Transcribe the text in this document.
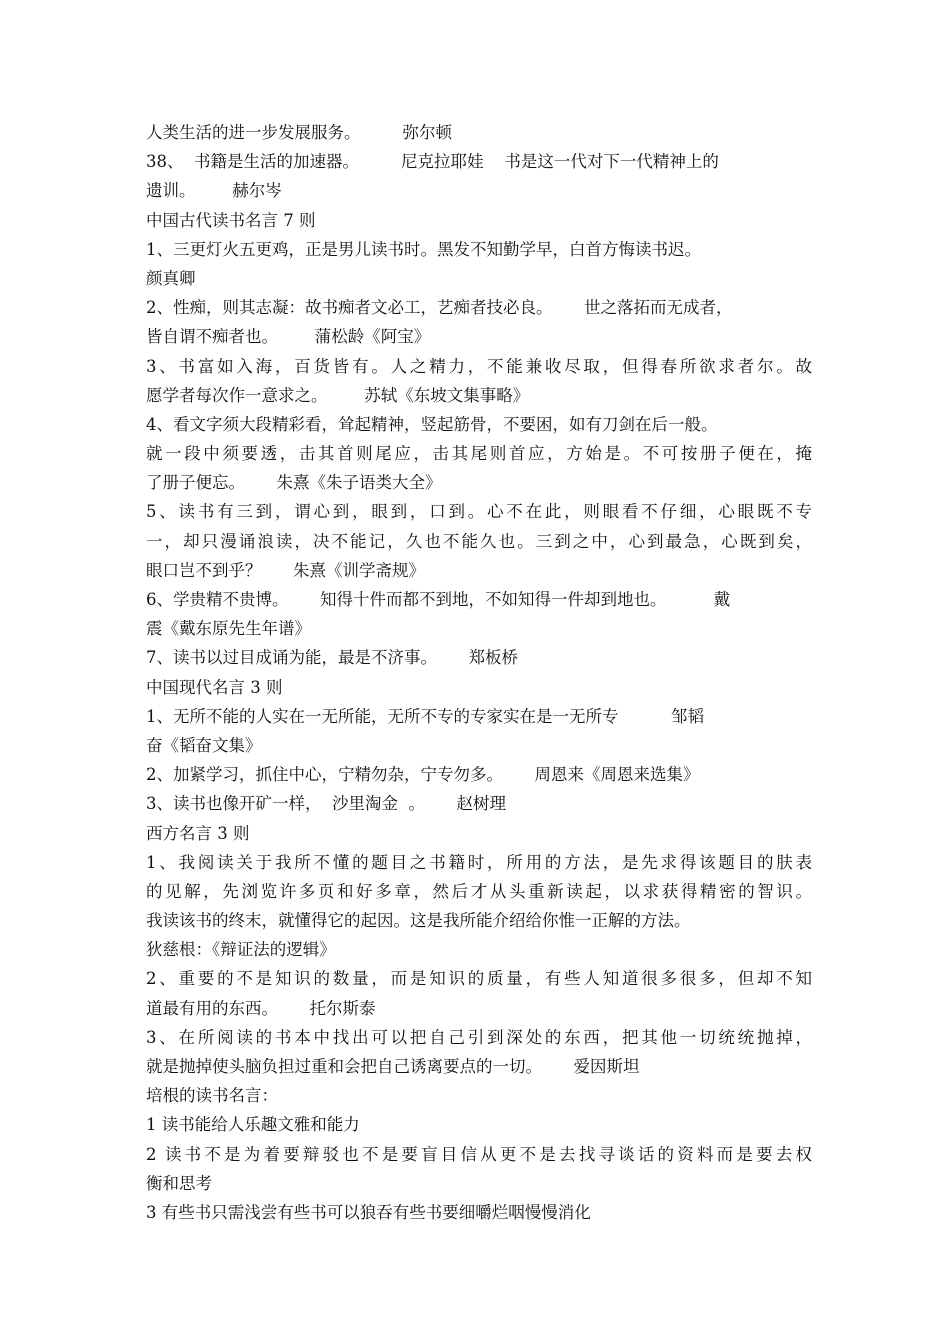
人类生活的进一步发展服务。        弥尔顿
38、  书籍是生活的加速器。        尼克拉耶娃    书是这一代对下一代精神上的
遗训。       赫尔岑
中国古代读书名言 7 则
1、三更灯火五更鸡，正是男儿读书时。黑发不知勤学早，白首方悔读书迟。
颜真卿
2、性痴，则其志凝：故书痴者文必工，艺痴者技必良。      世之落拓而无成者，
皆自谓不痴者也。       蒲松龄《阿宝》
3、书富如入海，百货皆有。人之精力，不能兼收尽取，但得春所欲求者尔。故
愿学者每次作一意求之。       苏轼《东坡文集事略》
4、看文字须大段精彩看，耸起精神，竖起筋骨，不要困，如有刀剑在后一般。
就一段中须要透，击其首则尾应，击其尾则首应，方始是。不可按册子便在，掩
了册子便忘。      朱熹《朱子语类大全》
5、读书有三到，谓心到，眼到，口到。心不在此，则眼看不仔细，心眼既不专
一，却只漫诵浪读，决不能记，久也不能久也。三到之中，心到最急，心既到矣，
眼口岂不到乎？      朱熹《训学斋规》
6、学贵精不贵博。      知得十件而都不到地，不如知得一件却到地也。         戴
震《戴东原先生年谱》
7、读书以过目成诵为能，最是不济事。      郑板桥
中国现代名言 3 则
1、无所不能的人实在一无所能，无所不专的专家实在是一无所专          邹韬
奋《韬奋文集》
2、加紧学习，抓住中心，宁精勿杂，宁专勿多。      周恩来《周恩来选集》
3、读书也像开矿一样，  沙里淘金  。      赵树理
西方名言 3 则
1、我阅读关于我所不懂的题目之书籍时，所用的方法，是先求得该题目的肤表
的见解，先浏览许多页和好多章，然后才从头重新读起，以求获得精密的智识。
我读该书的终末，就懂得它的起因。这是我所能介绍给你惟一正解的方法。
狄慈根：《辩证法的逻辑》
2、重要的不是知识的数量，而是知识的质量，有些人知道很多很多，但却不知
道最有用的东西。      托尔斯泰
3、在所阅读的书本中找出可以把自己引到深处的东西，把其他一切统统抛掉，
就是抛掉使头脑负担过重和会把自己诱离要点的一切。      爱因斯坦
培根的读书名言：
1 读书能给人乐趣文雅和能力
2 读书不是为着要辩驳也不是要盲目信从更不是去找寻谈话的资料而是要去权
衡和思考
3 有些书只需浅尝有些书可以狼吞有些书要细嚼烂咽慢慢消化
